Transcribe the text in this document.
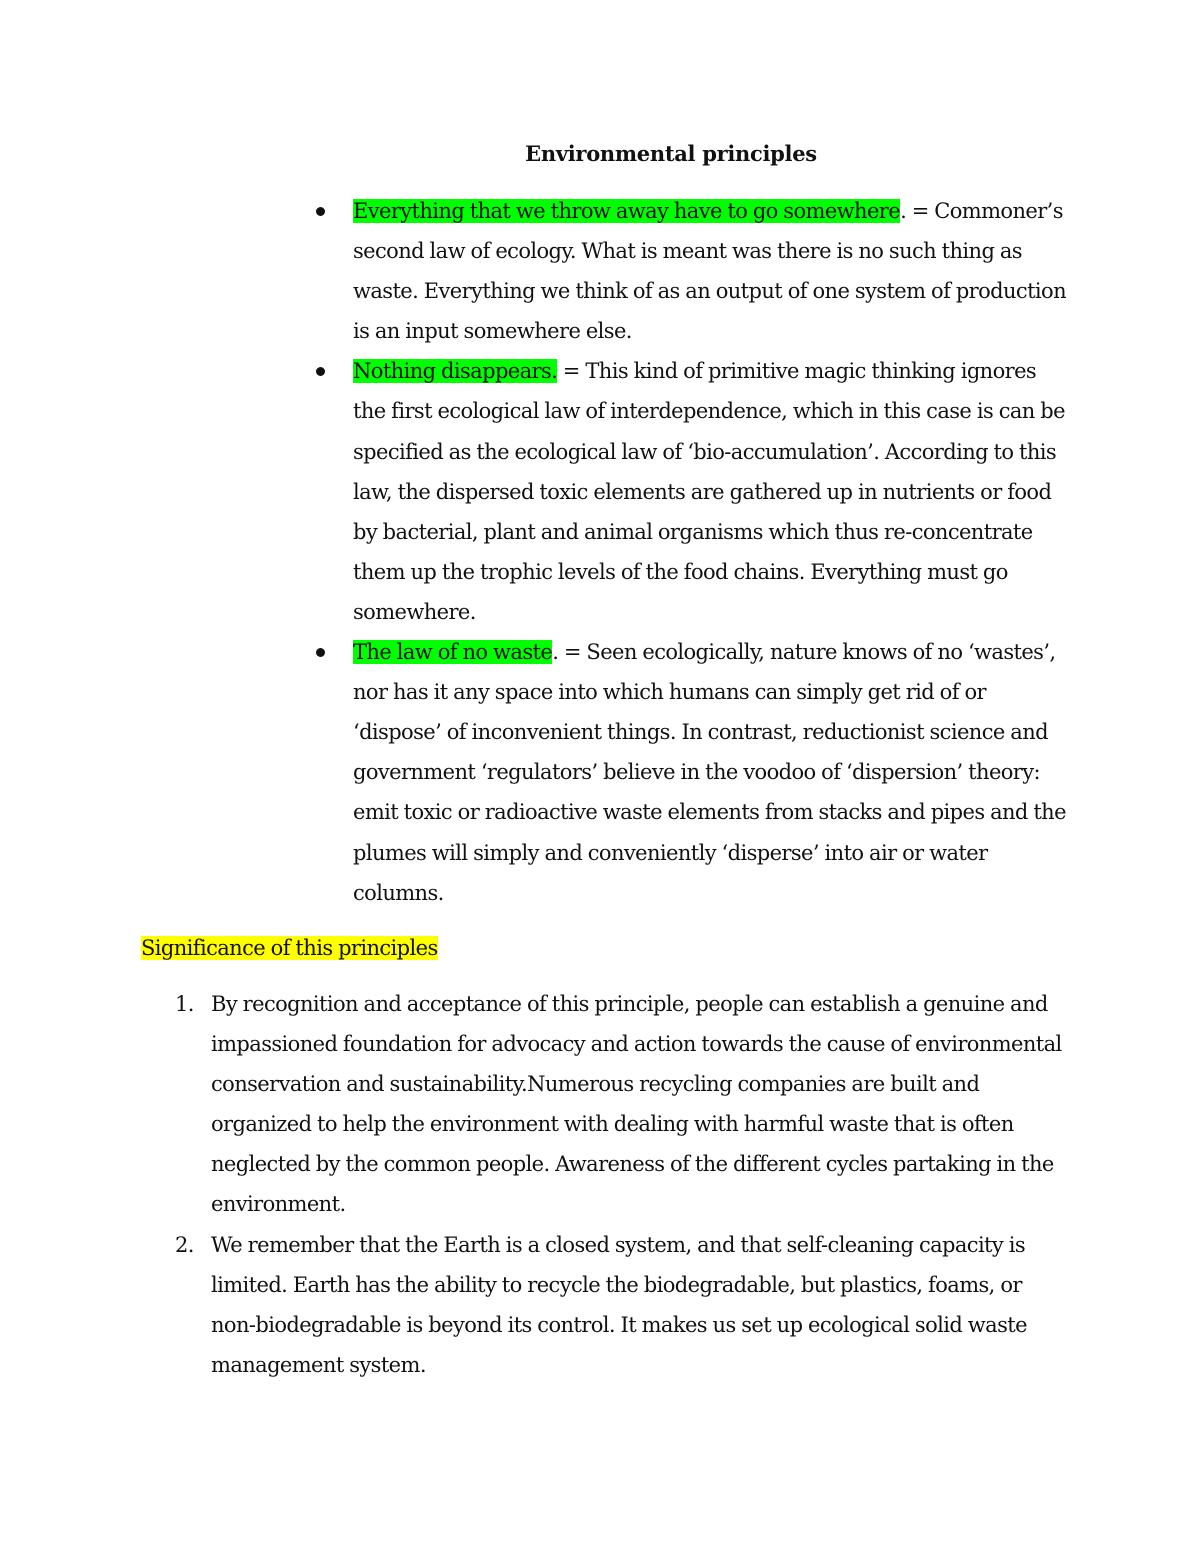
Environmental principles
Everything that we throw away have to go somewhere. = Commoner’s second law of ecology. What is meant was there is no such thing as waste. Everything we think of as an output of one system of production is an input somewhere else.
Nothing disappears. = This kind of primitive magic thinking ignores the first ecological law of interdependence, which in this case is can be specified as the ecological law of ‘bio-accumulation’. According to this law, the dispersed toxic elements are gathered up in nutrients or food by bacterial, plant and animal organisms which thus re-concentrate them up the trophic levels of the food chains. Everything must go somewhere.
The law of no waste. = Seen ecologically, nature knows of no ‘wastes’, nor has it any space into which humans can simply get rid of or ‘dispose’ of inconvenient things. In contrast, reductionist science and government ‘regulators’ believe in the voodoo of ‘dispersion’ theory: emit toxic or radioactive waste elements from stacks and pipes and the plumes will simply and conveniently ‘disperse’ into air or water columns.
Significance of this principles
1. By recognition and acceptance of this principle, people can establish a genuine and impassioned foundation for advocacy and action towards the cause of environmental conservation and sustainability.Numerous recycling companies are built and organized to help the environment with dealing with harmful waste that is often neglected by the common people. Awareness of the different cycles partaking in the environment.
2. We remember that the Earth is a closed system, and that self-cleaning capacity is limited. Earth has the ability to recycle the biodegradable, but plastics, foams, or non-biodegradable is beyond its control. It makes us set up ecological solid waste management system.
